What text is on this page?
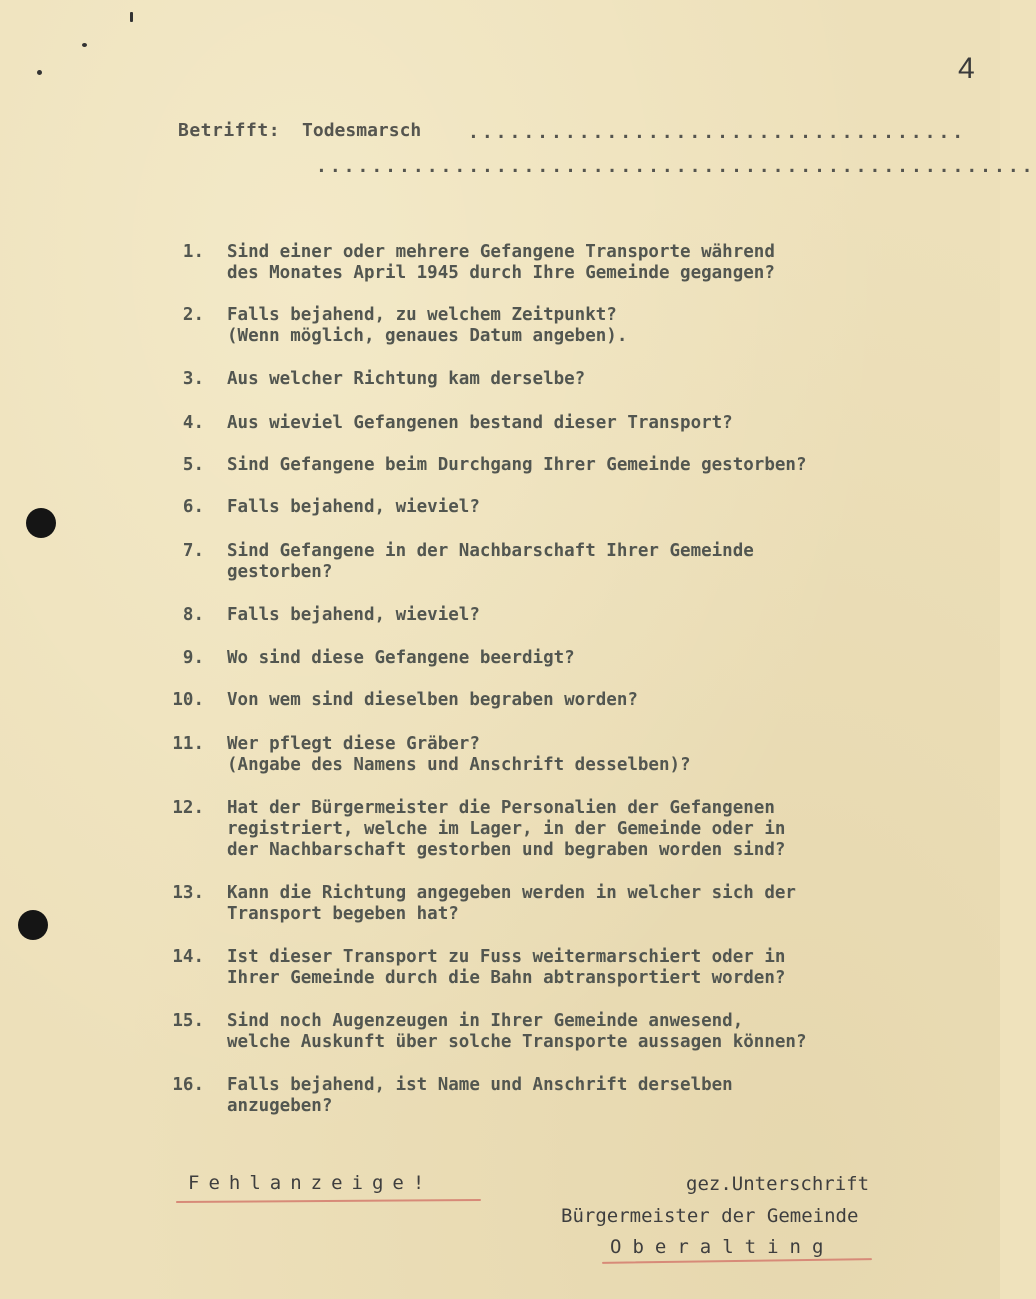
4
Betrifft: Todesmarsch	....................................
....................................................
1. Sind einer oder mehrere Gefangene Transporte während
des Monates April 1945 durch Ihre Gemeinde gegangen?
2. Falls bejahend, zu welchem Zeitpunkt?
(Wenn möglich, genaues Datum angeben).
3. Aus welcher Richtung kam derselbe?
4. Aus wieviel Gefangenen bestand dieser Transport?
5. Sind Gefangene beim Durchgang Ihrer Gemeinde gestorben?
6. Falls bejahend, wieviel?
7. Sind Gefangene in der Nachbarschaft Ihrer Gemeinde
gestorben?
8. Falls bejahend, wieviel?
9. Wo sind diese Gefangene beerdigt?
10. Von wem sind dieselben begraben worden?
11. Wer pflegt diese Gräber?
(Angabe des Namens und Anschrift desselben)?
12. Hat der Bürgermeister die Personalien der Gefangenen
registriert, welche im Lager, in der Gemeinde oder in
der Nachbarschaft gestorben und begraben worden sind?
13. Kann die Richtung angegeben werden in welcher sich der
Transport begeben hat?
14. Ist dieser Transport zu Fuss weitermarschiert oder in
Ihrer Gemeinde durch die Bahn abtransportiert worden?
15. Sind noch Augenzeugen in Ihrer Gemeinde anwesend,
welche Auskunft über solche Transporte aussagen können?
16. Falls bejahend, ist Name und Anschrift derselben
anzugeben?
Fehlanzeige!	gez.Unterschrift
Bürgermeister der Gemeinde
Oberalting
